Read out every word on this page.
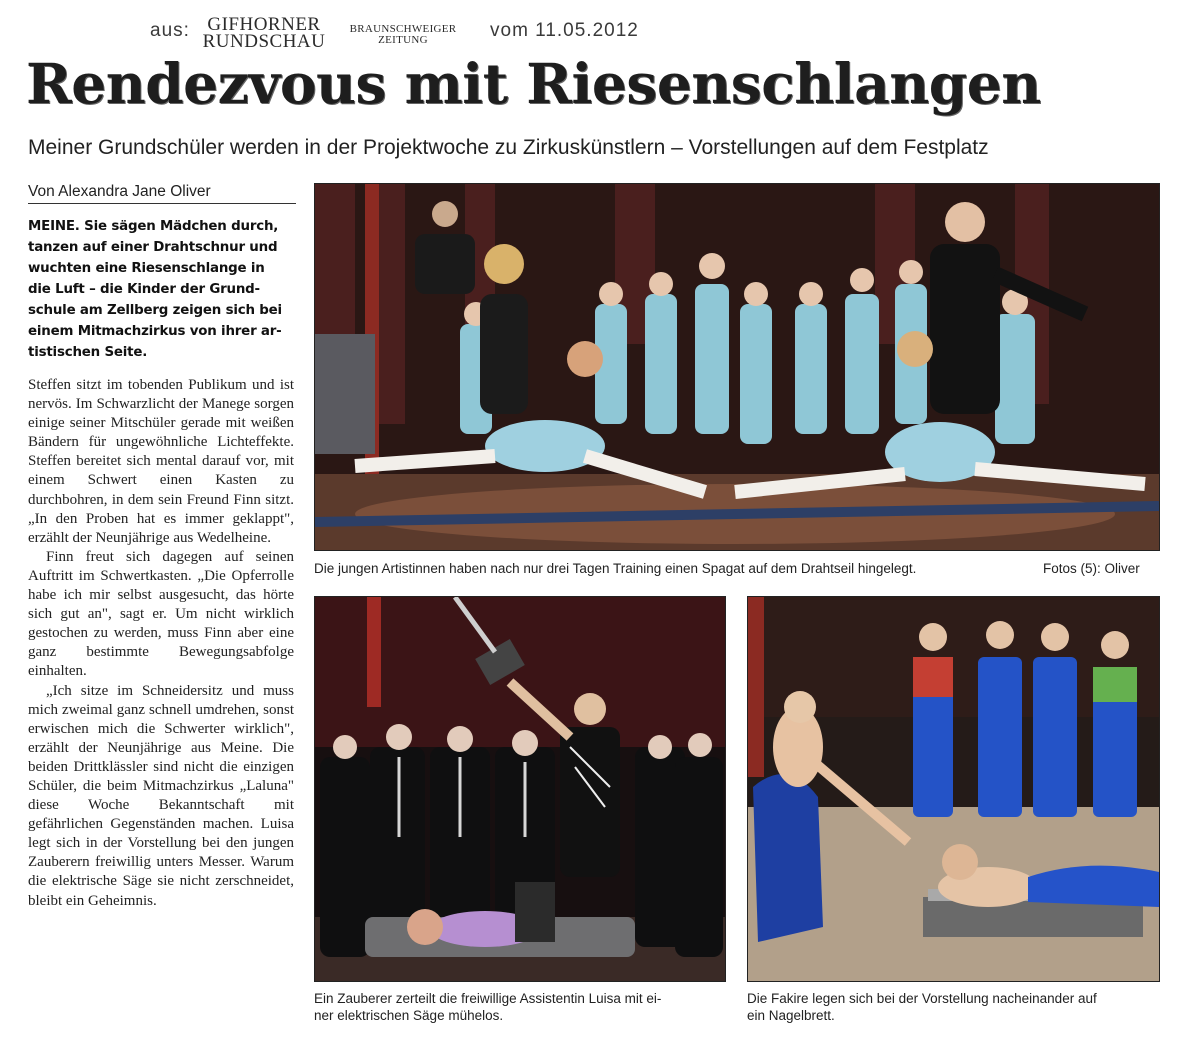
aus: GIFHORNER
RUNDSCHAU
BRAUNSCHWEIGER
ZEITUNG	vom 11.05.2012
Rendezvous mit Riesenschlangen
Meiner Grundschüler werden in der Projektwoche zu Zirkuskünstlern – Vorstellungen auf dem Festplatz
Von Alexandra Jane Oliver
MEINE. Sie sägen Mädchen durch,
tanzen auf einer Drahtschnur und
wuchten eine Riesenschlange in
die Luft – die Kinder der Grund-
schule am Zellberg zeigen sich bei
einem Mitmachzirkus von ihrer ar-
tistischen Seite.

Steffen sitzt im tobenden Publikum und ist nervös. Im Schwarzlicht der Manege sorgen einige seiner Mitschüler gerade mit weißen Bändern für ungewöhnliche Lichteffekte. Steffen bereitet sich mental darauf vor, mit einem Schwert einen Kasten zu durchbohren, in dem sein Freund Finn sitzt. „In den Proben hat es immer geklappt", erzählt der Neunjährige aus Wedelheine.

Finn freut sich dagegen auf seinen Auftritt im Schwertkasten. „Die Opferrolle habe ich mir selbst ausgesucht, das hörte sich gut an", sagt er. Um nicht wirklich gestochen zu werden, muss Finn aber eine ganz bestimmte Bewegungsabfolge einhalten.

„Ich sitze im Schneidersitz und muss mich zweimal ganz schnell umdrehen, sonst erwischen mich die Schwerter wirklich", erzählt der Neunjährige aus Meine. Die beiden Drittklässler sind nicht die einzigen Schüler, die beim Mitmachzirkus „Laluna" diese Woche Bekanntschaft mit gefährlichen Gegenständen machen. Luisa legt sich in der Vorstellung bei den jungen Zauberern freiwillig unters Messer. Warum die elektrische Säge sie nicht zerschneidet, bleibt ein Geheimnis.

Die jungen Artistinnen haben nach nur drei Tagen Training einen Spagat auf dem Drahtseil hingelegt.	Fotos (5): Oliver
Ein Zauberer zerteilt die freiwillige Assistentin Luisa mit ei-
ner elektrischen Säge mühelos.
Die Fakire legen sich bei der Vorstellung nacheinander auf
ein Nagelbrett.
